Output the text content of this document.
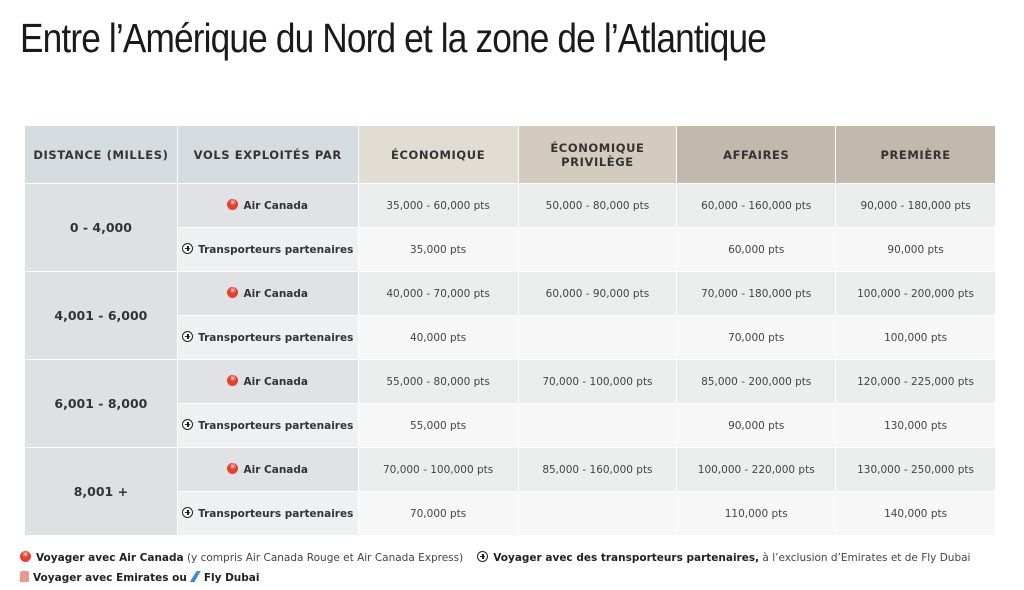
Entre l’Amérique du Nord et la zone de l’Atlantique
DISTANCE (MILLES)	VOLS EXPLOITÉS PAR	ÉCONOMIQUE	ÉCONOMIQUE PRIVILÈGE	AFFAIRES	PREMIÈRE
0 - 4,000	✳Air Canada	35,000 - 60,000 pts	50,000 - 80,000 pts	60,000 - 160,000 pts	90,000 - 180,000 pts
	Transporteurs partenaires	35,000 pts		60,000 pts	90,000 pts
4,001 - 6,000	✳Air Canada	40,000 - 70,000 pts	60,000 - 90,000 pts	70,000 - 180,000 pts	100,000 - 200,000 pts
	Transporteurs partenaires	40,000 pts		70,000 pts	100,000 pts
6,001 - 8,000	✳Air Canada	55,000 - 80,000 pts	70,000 - 100,000 pts	85,000 - 200,000 pts	120,000 - 225,000 pts
	Transporteurs partenaires	55,000 pts		90,000 pts	130,000 pts
8,001 +	✳Air Canada	70,000 - 100,000 pts	85,000 - 160,000 pts	100,000 - 220,000 pts	130,000 - 250,000 pts
	Transporteurs partenaires	70,000 pts		110,000 pts	140,000 pts
✳Voyager avec Air Canada (y compris Air Canada Rouge et Air Canada Express)	Voyager avec des transporteurs partenaires, à l’exclusion d’Emirates et de Fly Dubai
Voyager avec Emirates ou Fly Dubai
